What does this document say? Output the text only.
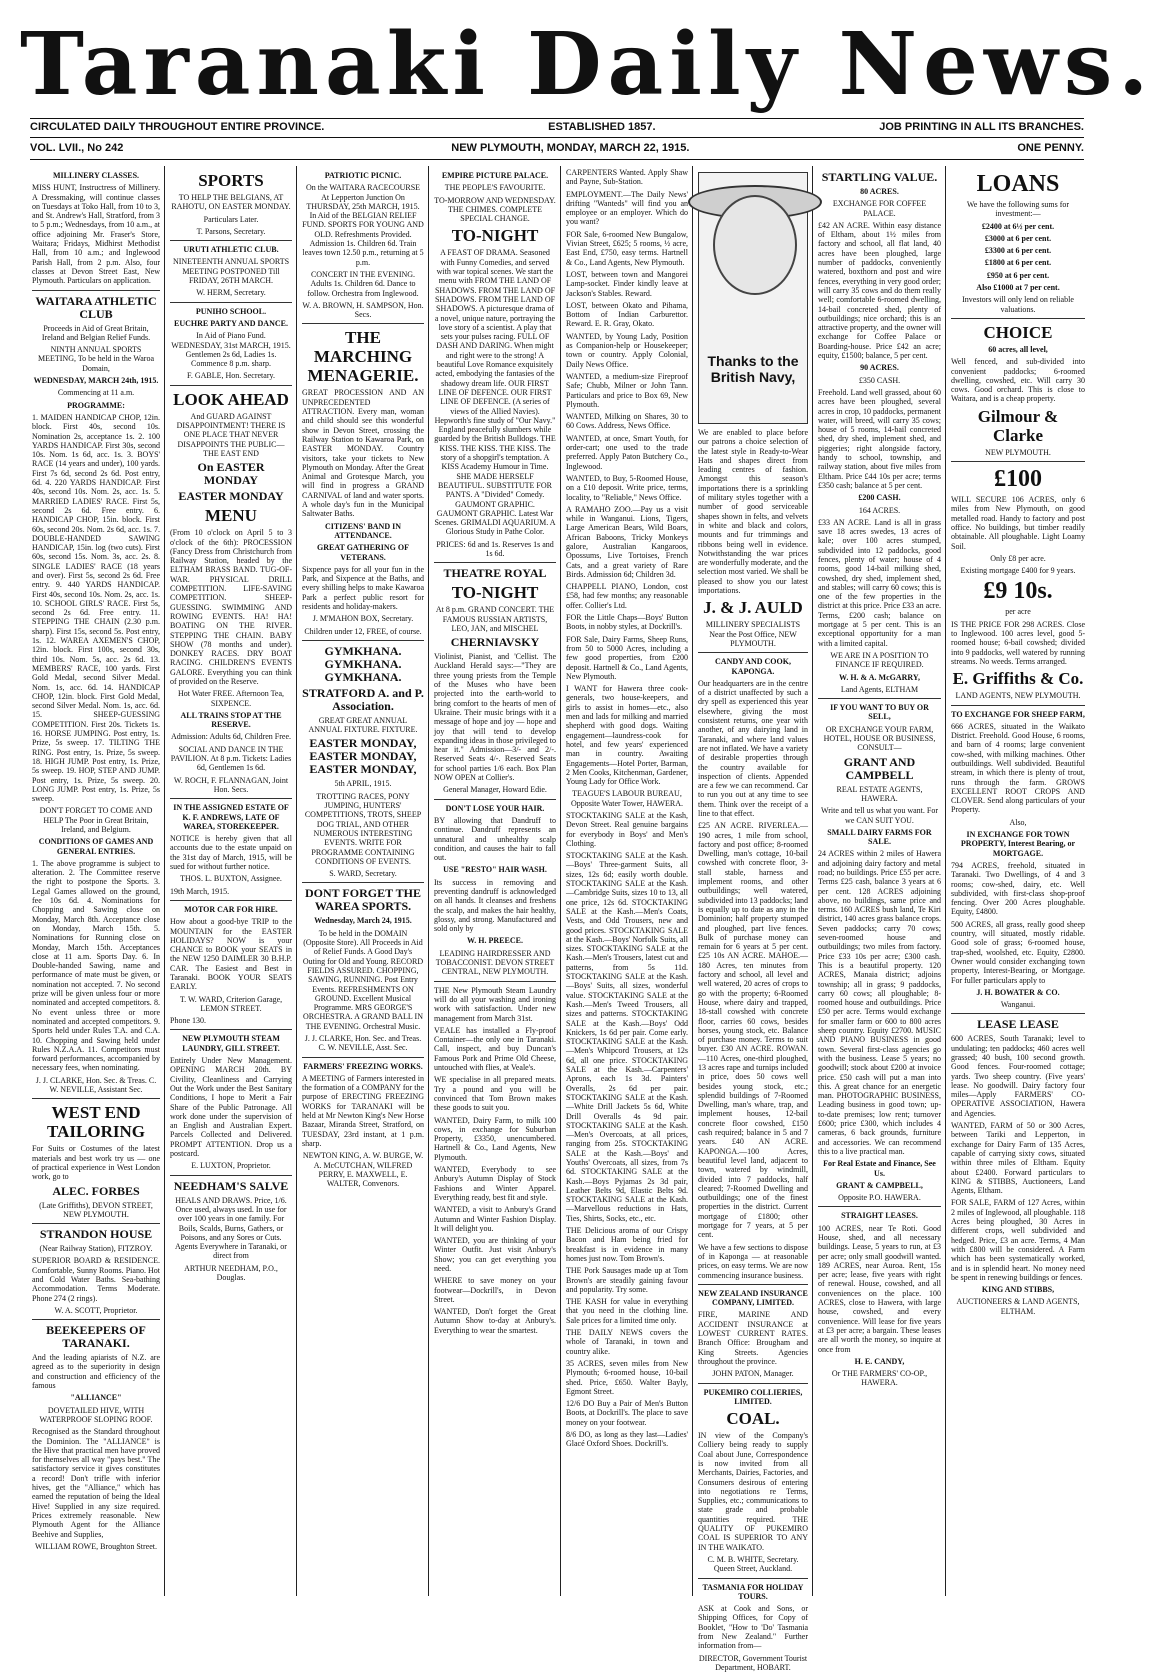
Taranaki Daily News.
CIRCULATED DAILY THROUGHOUT ENTIRE PROVINCE.	ESTABLISHED 1857.	JOB PRINTING IN ALL ITS BRANCHES.
VOL. LVII., No 242	NEW PLYMOUTH, MONDAY, MARCH 22, 1915.	ONE PENNY.
MILLINERY CLASSES.

MISS HUNT, Instructress of Millinery. A Dressmaking, will continue classes on Tuesdays at Toko Hall, from 10 to 3, and St. Andrew's Hall, Stratford, from 3 to 5 p.m.; Wednesdays, from 10 a.m., at office adjoining Mr. Fraser's Store, Waitara; Fridays, Midhirst Methodist Hall, from 10 a.m.; and Inglewood Parish Hall, from 2 p.m. Also, four classes at Devon Street East, New Plymouth. Particulars on application.

WAITARA ATHLETIC CLUB

Proceeds in Aid of Great Britain, Ireland and Belgian Relief Funds.

NINTH ANNUAL SPORTS MEETING, To be held in the Waroa Domain,

WEDNESDAY, MARCH 24th, 1915.

Commencing at 11 a.m.

PROGRAMME:

1. MAIDEN HANDICAP CHOP, 12in. block. First 40s, second 10s. Nomination 2s, acceptance 1s. 2. 100 YARDS HANDICAP. First 30s, second 10s. Nom. 1s 6d, acc. 1s. 3. BOYS' RACE (14 years and under), 100 yards. First 7s 6d, second 2s 6d. Post entry, 6d. 4. 220 YARDS HANDICAP. First 40s, second 10s. Nom. 2s, acc. 1s. 5. MARRIED LADIES' RACE. First 5s, second 2s 6d. Free entry. 6. HANDICAP CHOP, 15in. block. First 60s, second 20s. Nom. 2s 6d, acc. 1s. 7. DOUBLE-HANDED SAWING HANDICAP, 15in. log (two cuts). First 60s, second 15s. Nom. 3s, acc. 2s. 8. SINGLE LADIES' RACE (18 years and over). First 5s, second 2s 6d. Free entry. 9. 440 YARDS HANDICAP. First 40s, second 10s. Nom. 2s, acc. 1s. 10. SCHOOL GIRLS' RACE. First 5s, second 2s 6d. Free entry. 11. STEPPING THE CHAIN (2.30 p.m. sharp). First 15s, second 5s. Post entry, 1s. 12. WAREA AXEMEN'S CHOP, 12in. block. First 100s, second 30s, third 10s. Nom. 5s, acc. 2s 6d. 13. MEMBERS' RACE, 100 yards. First Gold Medal, second Silver Medal. Nom. 1s, acc. 6d. 14. HANDICAP CHOP, 12in. block. First Gold Medal, second Silver Medal. Nom. 1s, acc. 6d. 15. SHEEP-GUESSING COMPETITION. First 20s. Tickets 1s. 16. HORSE JUMPING. Post entry, 1s. Prize, 5s sweep. 17. TILTING THE RING. Post entry, 1s. Prize, 5s sweep. 18. HIGH JUMP. Post entry, 1s. Prize, 5s sweep. 19. HOP, STEP AND JUMP. Post entry, 1s. Prize, 5s sweep. 20. LONG JUMP. Post entry, 1s. Prize, 5s sweep.

DON'T FORGET TO COME AND HELP The Poor in Great Britain, Ireland, and Belgium.

CONDITIONS OF GAMES AND GENERAL ENTRIES.

1. The above programme is subject to alteration. 2. The Committee reserve the right to postpone the Sports. 3. Legal Games allowed on the ground, fee 10s 6d. 4. Nominations for Chopping and Sawing close on Monday, March 8th. Acceptance close on Monday, March 15th. 5. Nominations for Running close on Monday, March 15th. Acceptances close at 11 a.m. Sports Day. 6. In Double-handed Sawing, name and performance of mate must be given, or nomination not accepted. 7. No second prize will be given unless four or more nominated and accepted competitors. 8. No event unless three or more nominated and accepted competitors. 9. Sports held under Rules T.A. and C.A. 10. Chopping and Sawing held under Rules N.Z.A.A. 11. Competitors must forward performances, accompanied by necessary fees, when nominating.

J. J. CLARKE, Hon. Sec. & Treas. C. W. NEVILLE, Assistant Sec.

WEST END TAILORING

For Suits or Costumes of the latest materials and best work try us — one of practical experience in West London work, go to

ALEC. FORBES

(Late Griffiths), DEVON STREET, NEW PLYMOUTH.

STRANDON HOUSE

(Near Railway Station), FITZROY.

SUPERIOR BOARD & RESIDENCE. Comfortable, Sunny Rooms. Piano. Hot and Cold Water Baths. Sea-bathing Accommodation. Terms Moderate. Phone 274 (2 rings).

W. A. SCOTT, Proprietor.

BEEKEEPERS OF TARANAKI.

And the leading apiarists of N.Z. are agreed as to the superiority in design and construction and efficiency of the famous

"ALLIANCE"

DOVETAILED HIVE, WITH WATERPROOF SLOPING ROOF.

Recognised as the Standard throughout the Dominion. The "ALLIANCE" is the Hive that practical men have proved for themselves all way "pays best." The satisfactory service it gives constitutes a record! Don't trifle with inferior hives, get the "Alliance," which has earned the reputation of being the Ideal Hive! Supplied in any size required. Prices extremely reasonable. New Plymouth Agent for the Alliance Beehive and Supplies,

WILLIAM ROWE, Broughton Street.

SPORTS

TO HELP THE BELGIANS, AT RAHOTU, ON EASTER MONDAY.

Particulars Later.

T. Parsons, Secretary.

URUTI ATHLETIC CLUB.

NINETEENTH ANNUAL SPORTS MEETING POSTPONED Till FRIDAY, 26TH MARCH.

W. HERM, Secretary.

PUNIHO SCHOOL.
EUCHRE PARTY AND DANCE.

In Aid of Piano Fund. WEDNESDAY, 31st MARCH, 1915. Gentlemen 2s 6d, Ladies 1s. Commence 8 p.m. sharp.

F. GABLE, Hon. Secretary.

LOOK AHEAD

And GUARD AGAINST DISAPPOINTMENT! THERE IS ONE PLACE THAT NEVER DISAPPOINTS THE PUBLIC— THE EAST END

On EASTER MONDAY
EASTER MONDAY
MENU

(From 10 o'clock on April 5 to 3 o'clock of the 6th): PROCESSION (Fancy Dress from Christchurch from Railway Station, headed by the ELTHAM BRASS BAND. TUG-OF-WAR. PHYSICAL DRILL COMPETITION. LIFE-SAVING COMPETITION. SHEEP-GUESSING. SWIMMING AND ROWING EVENTS. HA! HA! BOATING ON THE RIVER. STEPPING THE CHAIN. BABY SHOW (78 months and under). DONKEY RACES. DRY BOAT RACING. CHILDREN'S EVENTS GALORE. Everything you can think of provided on the Reserve.

Hot Water FREE. Afternoon Tea, SIXPENCE.

ALL TRAINS STOP AT THE RESERVE.

Admission: Adults 6d, Children Free.

SOCIAL AND DANCE IN THE PAVILION. At 8 p.m. Tickets: Ladies 6d, Gentlemen 1s 6d.

W. ROCH, F. FLANNAGAN, Joint Hon. Secs.

IN THE ASSIGNED ESTATE OF K. F. ANDREWS, LATE OF WAREA, STOREKEEPER.

NOTICE is hereby given that all accounts due to the estate unpaid on the 31st day of March, 1915, will be sued for without further notice.

THOS. L. BUXTON, Assignee.

19th March, 1915.

MOTOR CAR FOR HIRE.

How about a good-bye TRIP to the MOUNTAIN for the EASTER HOLIDAYS? NOW is your CHANCE to BOOK your SEATS in the NEW 1250 DAIMLER 30 B.H.P. CAR. The Easiest and Best in Taranaki. BOOK YOUR SEATS EARLY.

T. W. WARD, Criterion Garage, LEMON STREET.

Phone 130.

NEW PLYMOUTH STEAM LAUNDRY, GILL STREET.

Entirely Under New Management. OPENING MARCH 20th. BY Civility, Cleanliness and Carrying Out the Work under the Best Sanitary Conditions, I hope to Merit a Fair Share of the Public Patronage. All work done under the supervision of an English and Australian Expert. Parcels Collected and Delivered. PROMPT ATTENTION. Drop us a postcard.

E. LUXTON, Proprietor.

NEEDHAM'S SALVE

HEALS AND DRAWS. Price, 1/6. Once used, always used. In use for over 100 years in one family. For Boils, Scalds, Burns, Gathers, or Poisons, and any Sores or Cuts. Agents Everywhere in Taranaki, or direct from

ARTHUR NEEDHAM, P.O., Douglas.

PATRIOTIC PICNIC.

On the WAITARA RACECOURSE At Lepperton Junction On THURSDAY, 25th MARCH, 1915. In Aid of the BELGIAN RELIEF FUND. SPORTS FOR YOUNG AND OLD. Refreshments Provided. Admission 1s. Children 6d. Train leaves town 12.50 p.m., returning at 5 p.m.

CONCERT IN THE EVENING. Adults 1s. Children 6d. Dance to follow. Orchestra from Inglewood.

W. A. BROWN, H. SAMPSON, Hon. Secs.

THE MARCHING MENAGERIE.

GREAT PROCESSION AND AN UNPRECEDENTED ATTRACTION. Every man, woman and child should see this wonderful show in Devon Street, crossing the Railway Station to Kawaroa Park, on EASTER MONDAY. Country visitors, take your tickets to New Plymouth on Monday. After the Great Animal and Grotesque March, you will find in progress a GRAND CARNIVAL of land and water sports. A whole day's fun in the Municipal Saltwater Baths.

CITIZENS' BAND IN ATTENDANCE.
GREAT GATHERING OF VETERANS.

Sixpence pays for all your fun in the Park, and Sixpence at the Baths, and every shilling helps to make Kawaroa Park a perfect public resort for residents and holiday-makers.

J. M'MAHON BOX, Secretary.

Children under 12, FREE, of course.

GYMKHANA. GYMKHANA. GYMKHANA.
STRATFORD A. and P. Association.

GREAT GREAT ANNUAL ANNUAL FIXTURE. FIXTURE.

EASTER MONDAY, EASTER MONDAY, EASTER MONDAY,

5th APRIL, 1915.

TROTTING RACES, PONY JUMPING, HUNTERS' COMPETITIONS, TROTS, SHEEP DOG TRIAL, AND OTHER NUMEROUS INTERESTING EVENTS. WRITE FOR PROGRAMME CONTAINING CONDITIONS OF EVENTS.

S. WARD, Secretary.

DONT FORGET THE WAREA SPORTS.
Wednesday, March 24, 1915.

To be held in the DOMAIN (Opposite Store). All Proceeds in Aid of Relief Funds. A Good Day's Outing for Old and Young. RECORD FIELDS ASSURED. CHOPPING, SAWING, RUNNING. Post Entry Events. REFRESHMENTS ON GROUND. Excellent Musical Programme. MRS GEORGE'S ORCHESTRA. A GRAND BALL IN THE EVENING. Orchestral Music.

J. J. CLARKE, Hon. Sec. and Treas. C. W. NEVILLE, Asst. Sec.

FARMERS' FREEZING WORKS.

A MEETING of Farmers interested in the formation of a COMPANY for the purpose of ERECTING FREEZING WORKS for TARANAKI will be held at Mr Newton King's New Horse Bazaar, Miranda Street, Stratford, on TUESDAY, 23rd instant, at 1 p.m. sharp.

NEWTON KING, A. W. BURGE, W. A. McCUTCHAN, WILFRED PERRY, E. MAXWELL, E. WALTER, Convenors.

EMPIRE PICTURE PALACE.

THE PEOPLE'S FAVOURITE.

TO-MORROW AND WEDNESDAY. THE CHIMES. COMPLETE SPECIAL CHANGE.

TO-NIGHT

A FEAST OF DRAMA. Seasoned with Funny Comedies, and served with war topical scenes. We start the menu with FROM THE LAND OF SHADOWS. FROM THE LAND OF SHADOWS. FROM THE LAND OF SHADOWS. A picturesque drama of a novel, unique nature, portraying the love story of a scientist. A play that sets your pulses racing. FULL OF DASH AND DARING. When might and right were to the strong! A beautiful Love Romance exquisitely acted, embodying the fantasies of the shadowy dream life. OUR FIRST LINE OF DEFENCE. OUR FIRST LINE OF DEFENCE. (A series of views of the Allied Navies). Hepworth's fine study of "Our Navy." England peacefully slumbers while guarded by the British Bulldogs. THE KISS. THE KISS. THE KISS. The story of a shopgirl's temptation. A KISS Academy Humour in Time. SHE MADE HERSELF BEAUTIFUL. SUBSTITUTE FOR PANTS. A "Divided" Comedy. GAUMONT GRAPHIC. GAUMONT GRAPHIC. Latest War Scenes. GRIMALDI AQUARIUM. A Glorious Study in Pathe Color.

PRICES: 6d and 1s. Reserves 1s and 1s 6d.

THEATRE ROYAL
TO-NIGHT

At 8 p.m. GRAND CONCERT. THE FAMOUS RUSSIAN ARTISTS, LEO, JAN, and MISCHEL

CHERNIAVSKY

Violinist, Pianist, and 'Cellist. The Auckland Herald says:—"They are three young priests from the Temple of the Muses who have been projected into the earth-world to bring comfort to the hearts of men of Ukraine. Their music brings with it a message of hope and joy — hope and joy that will tend to develop expanding ideas in those privileged to hear it." Admission—3/- and 2/-. Reserved Seats 4/-. Reserved Seats for school parties 1/6 each. Box Plan NOW OPEN at Collier's.

General Manager, Howard Edie.

DON'T LOSE YOUR HAIR.

BY allowing that Dandruff to continue. Dandruff represents an unnatural and unhealthy scalp condition, and causes the hair to fall out.

USE "RESTO" HAIR WASH.

Its success in removing and preventing dandruff is acknowledged on all hands. It cleanses and freshens the scalp, and makes the hair healthy, glossy, and strong. Manufactured and sold only by

W. H. PREECE.

LEADING HAIRDRESSER AND TOBACCONIST. DEVON STREET CENTRAL, NEW PLYMOUTH.

THE New Plymouth Steam Laundry will do all your washing and ironing work with satisfaction. Under new management from March 31st.

VEALE has installed a Fly-proof Container—the only one in Taranaki. Call, inspect, and buy Duncan's Famous Pork and Prime Old Cheese, untouched with flies, at Veale's.

WE specialise in all prepared meats. Try a pound and you will be convinced that Tom Brown makes these goods to suit you.

WANTED, Dairy Farm, to milk 100 cows, in exchange for Suburban Property, £3350, unencumbered. Hartnell & Co., Land Agents, New Plymouth.

WANTED, Everybody to see Anbury's Autumn Display of Stock Fashions and Winter Apparel. Everything ready, best fit and style.

WANTED, a visit to Anbury's Grand Autumn and Winter Fashion Display. It will delight you.

WANTED, you are thinking of your Winter Outfit. Just visit Anbury's Show; you can get everything you need.

WHERE to save money on your footwear—Dockrill's, in Devon Street.

WANTED, Don't forget the Great Autumn Show to-day at Anbury's. Everything to wear the smartest.

CARPENTERS Wanted. Apply Shaw and Payne, Sub-Station.

EMPLOYMENT.—The Daily News' drifting "Wanteds" will find you an employee or an employer. Which do you want?

FOR Sale, 6-roomed New Bungalow, Vivian Street, £625; 5 rooms, ½ acre, East End, £750, easy terms. Hartnell & Co., Land Agents, New Plymouth.

LOST, between town and Mangorei Lamp-socket. Finder kindly leave at Jackson's Stables. Reward.

LOST, between Okato and Pihama, Bottom of Indian Carburettor. Reward. E. R. Gray, Okato.

WANTED, by Young Lady, Position as Companion-help or Housekeeper; town or country. Apply Colonial, Daily News Office.

WANTED, a medium-size Fireproof Safe; Chubb, Milner or John Tann. Particulars and price to Box 69, New Plymouth.

WANTED, Milking on Shares, 30 to 60 Cows. Address, News Office.

WANTED, at once, Smart Youth, for order-cart; one used to the trade preferred. Apply Paton Butchery Co., Inglewood.

WANTED, to Buy, 5-Roomed House, on a £10 deposit. Write price, terms, locality, to "Reliable," News Office.

A RAMAHO ZOO.—Pay us a visit while in Wanganui. Lions, Tigers, Large American Bears, Wild Boars, African Baboons, Tricky Monkeys galore, Australian Kangaroos, Opossums, Live Tortoises, French Cats, and a great variety of Rare Birds. Admission 6d; Children 3d.

CHAPPELL PIANO, London, cost £58, had few months; any reasonable offer. Collier's Ltd.

FOR the Little Chaps—Boys' Button Boots, in nobby styles, at Dockrill's.

FOR Sale, Dairy Farms, Sheep Runs, from 50 to 5000 Acres, including a few good properties, from £200 deposit. Hartnell & Co., Land Agents, New Plymouth.

I WANT for Hawera three cook-generals, two house-keepers, and girls to assist in homes—etc., also men and lads for milking and married shepherd with good dogs. Waiting engagement—laundress-cook for hotel, and few years' experienced man in country. Awaiting Engagements—Hotel Porter, Barman, 2 Men Cooks, Kitchenman, Gardener, Young Lady for Office Work.

TEAGUE'S LABOUR BUREAU, Opposite Water Tower, HAWERA.

STOCKTAKING SALE at the Kash, Devon Street. Real genuine bargains for everybody in Boys' and Men's Clothing.

STOCKTAKING SALE at the Kash.—Boys' Three-garment Suits, all sizes, 12s 6d; easily worth double. STOCKTAKING SALE at the Kash.—Cambridge Suits, sizes 10 to 13, all one price, 12s 6d. STOCKTAKING SALE at the Kash.—Men's Coats, Vests, and Odd Trousers, new and good prices. STOCKTAKING SALE at the Kash.—Boys' Norfolk Suits, all sizes. STOCKTAKING SALE at the Kash.—Men's Trousers, latest cut and patterns, from 5s 11d. STOCKTAKING SALE at the Kash.—Boys' Suits, all sizes, wonderful value. STOCKTAKING SALE at the Kash.—Men's Tweed Trousers, all sizes and patterns. STOCKTAKING SALE at the Kash.—Boys' Odd Knickers, 1s 6d per pair. Come early. STOCKTAKING SALE at the Kash.—Men's Whipcord Trousers, at 12s 6d, all one price. STOCKTAKING SALE at the Kash.—Carpenters' Aprons, each 1s 3d. Painters' Overalls, 2s 6d per pair. STOCKTAKING SALE at the Kash.—White Drill Jackets 5s 6d, White Drill Overalls 4s 9d pair. STOCKTAKING SALE at the Kash.—Men's Overcoats, at all prices, ranging from 25s. STOCKTAKING SALE at the Kash.—Boys' and Youths' Overcoats, all sizes, from 7s 6d. STOCKTAKING SALE at the Kash.—Boys Pyjamas 2s 3d pair, Leather Belts 9d, Elastic Belts 9d. STOCKTAKING SALE at the Kash.—Marvellous reductions in Hats, Ties, Shirts, Socks, etc., etc.

THE Delicious aroma of our Crispy Bacon and Ham being fried for breakfast is in evidence in many homes just now. Tom Brown's.

THE Pork Sausages made up at Tom Brown's are steadily gaining favour and popularity. Try some.

THE KASH for value in everything that you need in the clothing line. Sale prices for a limited time only.

THE DAILY NEWS covers the whole of Taranaki, in town and country alike.

35 ACRES, seven miles from New Plymouth; 6-roomed house, 10-bail shed. Price, £650. Walter Bayly, Egmont Street.

12/6 DO Buy a Pair of Men's Button Boots, at Dockrill's. The place to save money on your footwear.

8/6 DO, as long as they last—Ladies' Glacé Oxford Shoes. Dockrill's.

Thanks to the British Navy,

We are enabled to place before our patrons a choice selection of the latest style in Ready-to-Wear Hats and shapes direct from leading centres of fashion. Amongst this season's importations there is a sprinkling of military styles together with a number of good serviceable shapes shown in felts, and velvets in white and black and colors, mounts and fur trimmings and ribbons being well in evidence. Notwithstanding the war prices are wonderfully moderate, and the selection most varied. We shall be pleased to show you our latest importations.

J. & J. AULD

MILLINERY SPECIALISTS Near the Post Office, NEW PLYMOUTH.

CANDY AND COOK, KAPONGA.

Our headquarters are in the centre of a district unaffected by such a dry spell as experienced this year elsewhere, giving the most consistent returns, one year with another, of any dairying land in Taranaki, and where land values are not inflated. We have a variety of desirable properties through the country available for inspection of clients. Appended are a few we can recommend. Car to run you out at any time to see them. Think over the receipt of a line to that effect.

£25 AN ACRE. RIVERLEA.—190 acres, 1 mile from school, factory and post office; 8-roomed Dwelling, man's cottage, 10-bail cowshed with concrete floor, 3-stall stable, harness and implement rooms, and other outbuildings; well watered, subdivided into 13 paddocks; land is equally up to date as any in the Dominion; half property stumped and ploughed, part live fences. Bulk of purchase money can remain for 6 years at 5 per cent. £25 10s AN ACRE. MAHOE.—180 Acres, ten minutes from factory and school, all level and well watered, 20 acres of crops to go with the property; 6-Roomed House, where dairy and trapped, 18-stall cowshed with concrete floor, carries 60 cows, besides horses, young stock, etc. Balance of purchase money. Terms to suit buyer. £30 AN ACRE. ROWAN.—110 Acres, one-third ploughed, 13 acres rape and turnips included in price, does 50 cows well besides young stock, etc.; splendid buildings of 7-Roomed Dwelling, man's whare, trap, and implement houses, 12-bail concrete floor cowshed, £150 cash required; balance in 5 and 7 years. £40 AN ACRE. KAPONGA.—100 Acres, beautiful level land, adjacent to town, watered by windmill, divided into 7 paddocks, half cleared; 7-Roomed Dwelling and outbuildings; one of the finest properties in the district. Current mortgage of £1800; other mortgage for 7 years, at 5 per cent.

We have a few sections to dispose of in Kaponga — at reasonable prices, on easy terms. We are now commencing insurance business.

NEW ZEALAND INSURANCE COMPANY, LIMITED.

FIRE, MARINE AND ACCIDENT INSURANCE at LOWEST CURRENT RATES. Branch Office: Brougham and King Streets. Agencies throughout the province.

JOHN PATON, Manager.

PUKEMIRO COLLIERIES, LIMITED.
COAL.

IN view of the Company's Colliery being ready to supply Coal about June, Correspondence is now invited from all Merchants, Dairies, Factories, and Consumers desirous of entering into negotiations re Terms, Supplies, etc.; communications to state grade and probable quantities required. THE QUALITY OF PUKEMIRO COAL IS SUPERIOR TO ANY IN THE WAIKATO.

C. M. B. WHITE, Secretary. Queen Street, Auckland.

TASMANIA FOR HOLIDAY TOURS.

ASK at Cook and Sons, or Shipping Offices, for Copy of Booklet, "How to 'Do' Tasmania from New Zealand." Further information from—

DIRECTOR, Government Tourist Department, HOBART.

STARTLING VALUE.
80 ACRES.

EXCHANGE FOR COFFEE PALACE.

£42 AN ACRE. Within easy distance of Eltham, about 1½ miles from factory and school, all flat land, 40 acres have been ploughed, large number of paddocks, conveniently watered, boxthorn and post and wire fences, everything in very good order; will carry 35 cows and do them really well; comfortable 6-roomed dwelling, 14-bail concreted shed, plenty of outbuildings; nice orchard; this is an attractive property, and the owner will exchange for Coffee Palace or Boarding-house. Price £42 an acre; equity, £1500; balance, 5 per cent.

90 ACRES.

£350 CASH.

Freehold. Land well grassed, about 60 acres have been ploughed, several acres in crop, 10 paddocks, permanent water, will breed, will carry 35 cows; house of 5 rooms, 14-bail concreted shed, dry shed, implement shed, and piggeries; right alongside factory, handy to school, township, and railway station, about five miles from Eltham. Price £44 10s per acre; terms £350 cash; balance at 5 per cent.

£200 CASH.

164 ACRES.

£33 AN ACRE. Land is all in grass save 18 acres swedes, 13 acres of kale; over 100 acres stumped, subdivided into 12 paddocks, good fences, plenty of water; house of 4 rooms, good 14-bail milking shed, cowshed, dry shed, implement shed, and stables; will carry 60 cows; this is one of the few properties in the district at this price. Price £33 an acre. Terms, £200 cash; balance on mortgage at 5 per cent. This is an exceptional opportunity for a man with a limited capital.

WE ARE IN A POSITION TO FINANCE IF REQUIRED.

W. H. & A. McGARRY,

Land Agents, ELTHAM

IF YOU WANT TO BUY OR SELL,

OR EXCHANGE YOUR FARM, HOTEL, HOUSE OR BUSINESS, CONSULT—

GRANT AND CAMPBELL

REAL ESTATE AGENTS, HAWERA.

Write and tell us what you want. For we CAN SUIT YOU.

SMALL DAIRY FARMS FOR SALE.

24 ACRES within 2 miles of Hawera and adjoining dairy factory and metal road; no buildings. Price £55 per acre. Terms £25 cash, balance 3 years at 6 per cent. 128 ACRES adjoining above, no buildings, same price and terms. 160 ACRES bush land, Te Kiri district, 140 acres grass balance crops. Seven paddocks; carry 70 cows; seven-roomed house and outbuildings; two miles from factory. Price £33 10s per acre; £300 cash. This is a beautiful property. 120 ACRES, Manaia district; adjoins township; all in grass; 9 paddocks, carry 60 cows; all ploughable; 8-roomed house and outbuildings. Price £50 per acre. Terms would exchange for smaller farm or 600 to 800 acres sheep country. Equity £2700. MUSIC AND PIANO BUSINESS in good town. Several first-class agencies go with the business. Lease 5 years; no goodwill; stock about £200 at invoice price. £50 cash will put a man into this. A great chance for an energetic man. PHOTOGRAPHIC BUSINESS, Leading business in good town; up-to-date premises; low rent; turnover £600; price £300, which includes 4 cameras, 6 back grounds, furniture and accessories. We can recommend this to a live practical man.

For Real Estate and Finance, See Us.
GRANT & CAMPBELL,

Opposite P.O. HAWERA.

STRAIGHT LEASES.

100 ACRES, near Te Roti. Good House, shed, and all necessary buildings. Lease, 5 years to run, at £3 per acre; only small goodwill wanted. 189 ACRES, near Auroa. Rent, 15s per acre; lease, five years with right of renewal. House, cowshed, and all conveniences on the place. 100 ACRES, close to Hawera, with large house, cowshed, and every convenience. Will lease for five years at £3 per acre; a bargain. These leases are all worth the money, so inquire at once from

H. E. CANDY,

Or THE FARMERS' CO-OP., HAWERA.

LOANS

We have the following sums for investment:—

£2400 at 6½ per cent.
£3000 at 6 per cent.
£3300 at 6 per cent.
£1800 at 6 per cent.
£950 at 6 per cent.
Also £1000 at 7 per cent.

Investors will only lend on reliable valuations.

CHOICE
60 acres, all level,

Well fenced, and sub-divided into convenient paddocks; 6-roomed dwelling, cowshed, etc. Will carry 30 cows. Good orchard. This is close to Waitara, and is a cheap property.

Gilmour & Clarke

NEW PLYMOUTH.

£100

WILL SECURE 106 ACRES, only 6 miles from New Plymouth, on good metalled road. Handy to factory and post office. No buildings, but timber readily obtainable. All ploughable. Light Loamy Soil.

Only £8 per acre.

Existing mortgage £400 for 9 years.

£9 10s.

per acre

IS THE PRICE FOR 298 ACRES. Close to Inglewood. 100 acres level, good 5-roomed house; 6-bail cowshed; divided into 9 paddocks, well watered by running streams. No weeds. Terms arranged.

E. Griffiths & Co.

LAND AGENTS, NEW PLYMOUTH.

TO EXCHANGE FOR SHEEP FARM,

666 ACRES, situated in the Waikato District. Freehold. Good House, 6 rooms, and barn of 4 rooms; large convenient cow-shed, with milking machines. Other outbuildings. Well subdivided. Beautiful stream, in which there is plenty of trout, runs through the farm. GROWS EXCELLENT ROOT CROPS AND CLOVER. Send along particulars of your Property.

Also,

IN EXCHANGE FOR TOWN PROPERTY, Interest Bearing, or MORTGAGE.

794 ACRES, freehold, situated in Taranaki. Two Dwellings, of 4 and 3 rooms; cow-shed, dairy, etc. Well subdivided, with first-class shop-proof fencing. Over 200 Acres ploughable. Equity, £4800.

500 ACRES, all grass, really good sheep country, will situated, mostly ridable. Good sole of grass; 6-roomed house, trap-shed, woolshed, etc. Equity, £2800. Owner would consider exchanging town property, Interest-Bearing, or Mortgage. For fuller particulars apply to

J. H. BOWATER & CO.

Wanganui.

LEASE LEASE

600 ACRES, South Taranaki; level to undulating; ten paddocks; 460 acres well grassed; 40 bush, 100 second growth. Good fences. Four-roomed cottage; yards. Two sheep country. (Five years' lease. No goodwill. Dairy factory four miles—Apply FARMERS' CO-OPERATIVE ASSOCIATION, Hawera and Agencies.

WANTED, FARM of 50 or 300 Acres, between Tariki and Lepperton, in exchange for Dairy Farm of 135 Acres, capable of carrying sixty cows, situated within three miles of Eltham. Equity about £2400. Forward particulars to KING & STIBBS, Auctioneers, Land Agents, Eltham.

FOR SALE, FARM of 127 Acres, within 2 miles of Inglewood, all ploughable. 118 Acres being ploughed, 30 Acres in different crops, well subdivided and hedged. Price, £3 an acre. Terms, 4 Man with £800 will be considered. A Farm which has been systematically worked, and is in splendid heart. No money need be spent in renewing buildings or fences.

KING AND STIBBS,

AUCTIONEERS & LAND AGENTS, ELTHAM.
